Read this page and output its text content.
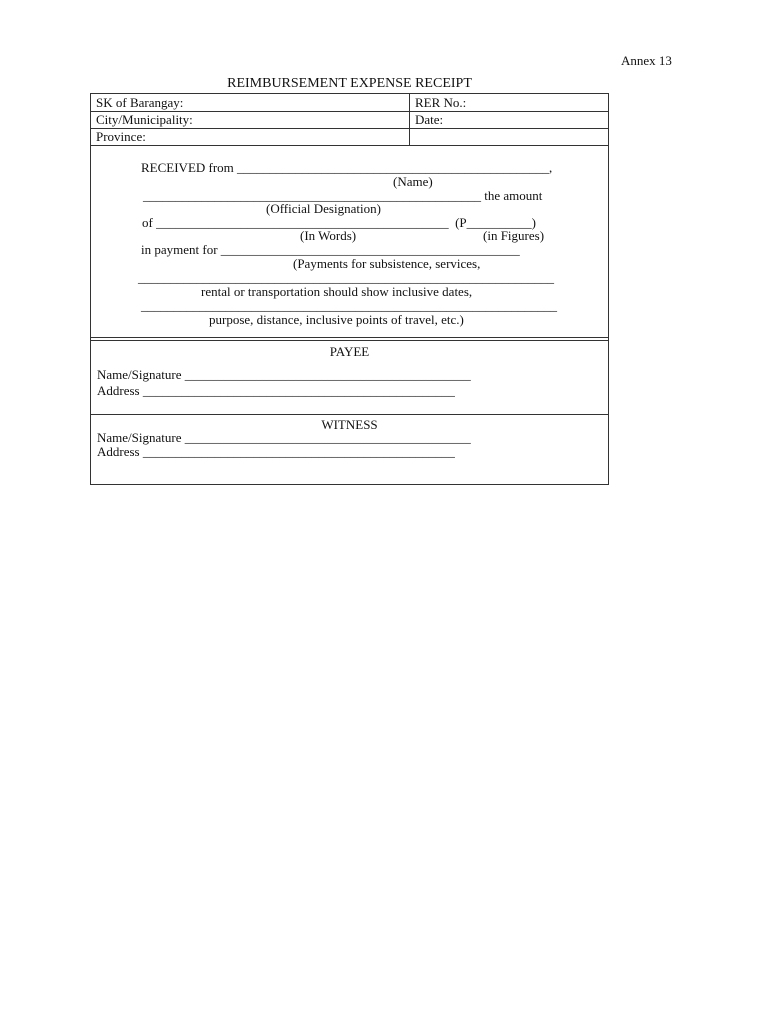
Annex 13
REIMBURSEMENT EXPENSE RECEIPT
SK of Barangay:	RER No.:
City/Municipality:	Date:
Province:
RECEIVED from ________________________________________________,
(Name)
____________________________________________________ the amount
(Official Designation)
of _____________________________________________  (P__________)
(In Words)	(in Figures)
in payment for ______________________________________________
(Payments for subsistence, services,
________________________________________________________________
rental or transportation should show inclusive dates,
________________________________________________________________
purpose, distance, inclusive points of travel, etc.)
PAYEE
Name/Signature ____________________________________________
Address ________________________________________________
WITNESS
Name/Signature ____________________________________________
Address ________________________________________________
